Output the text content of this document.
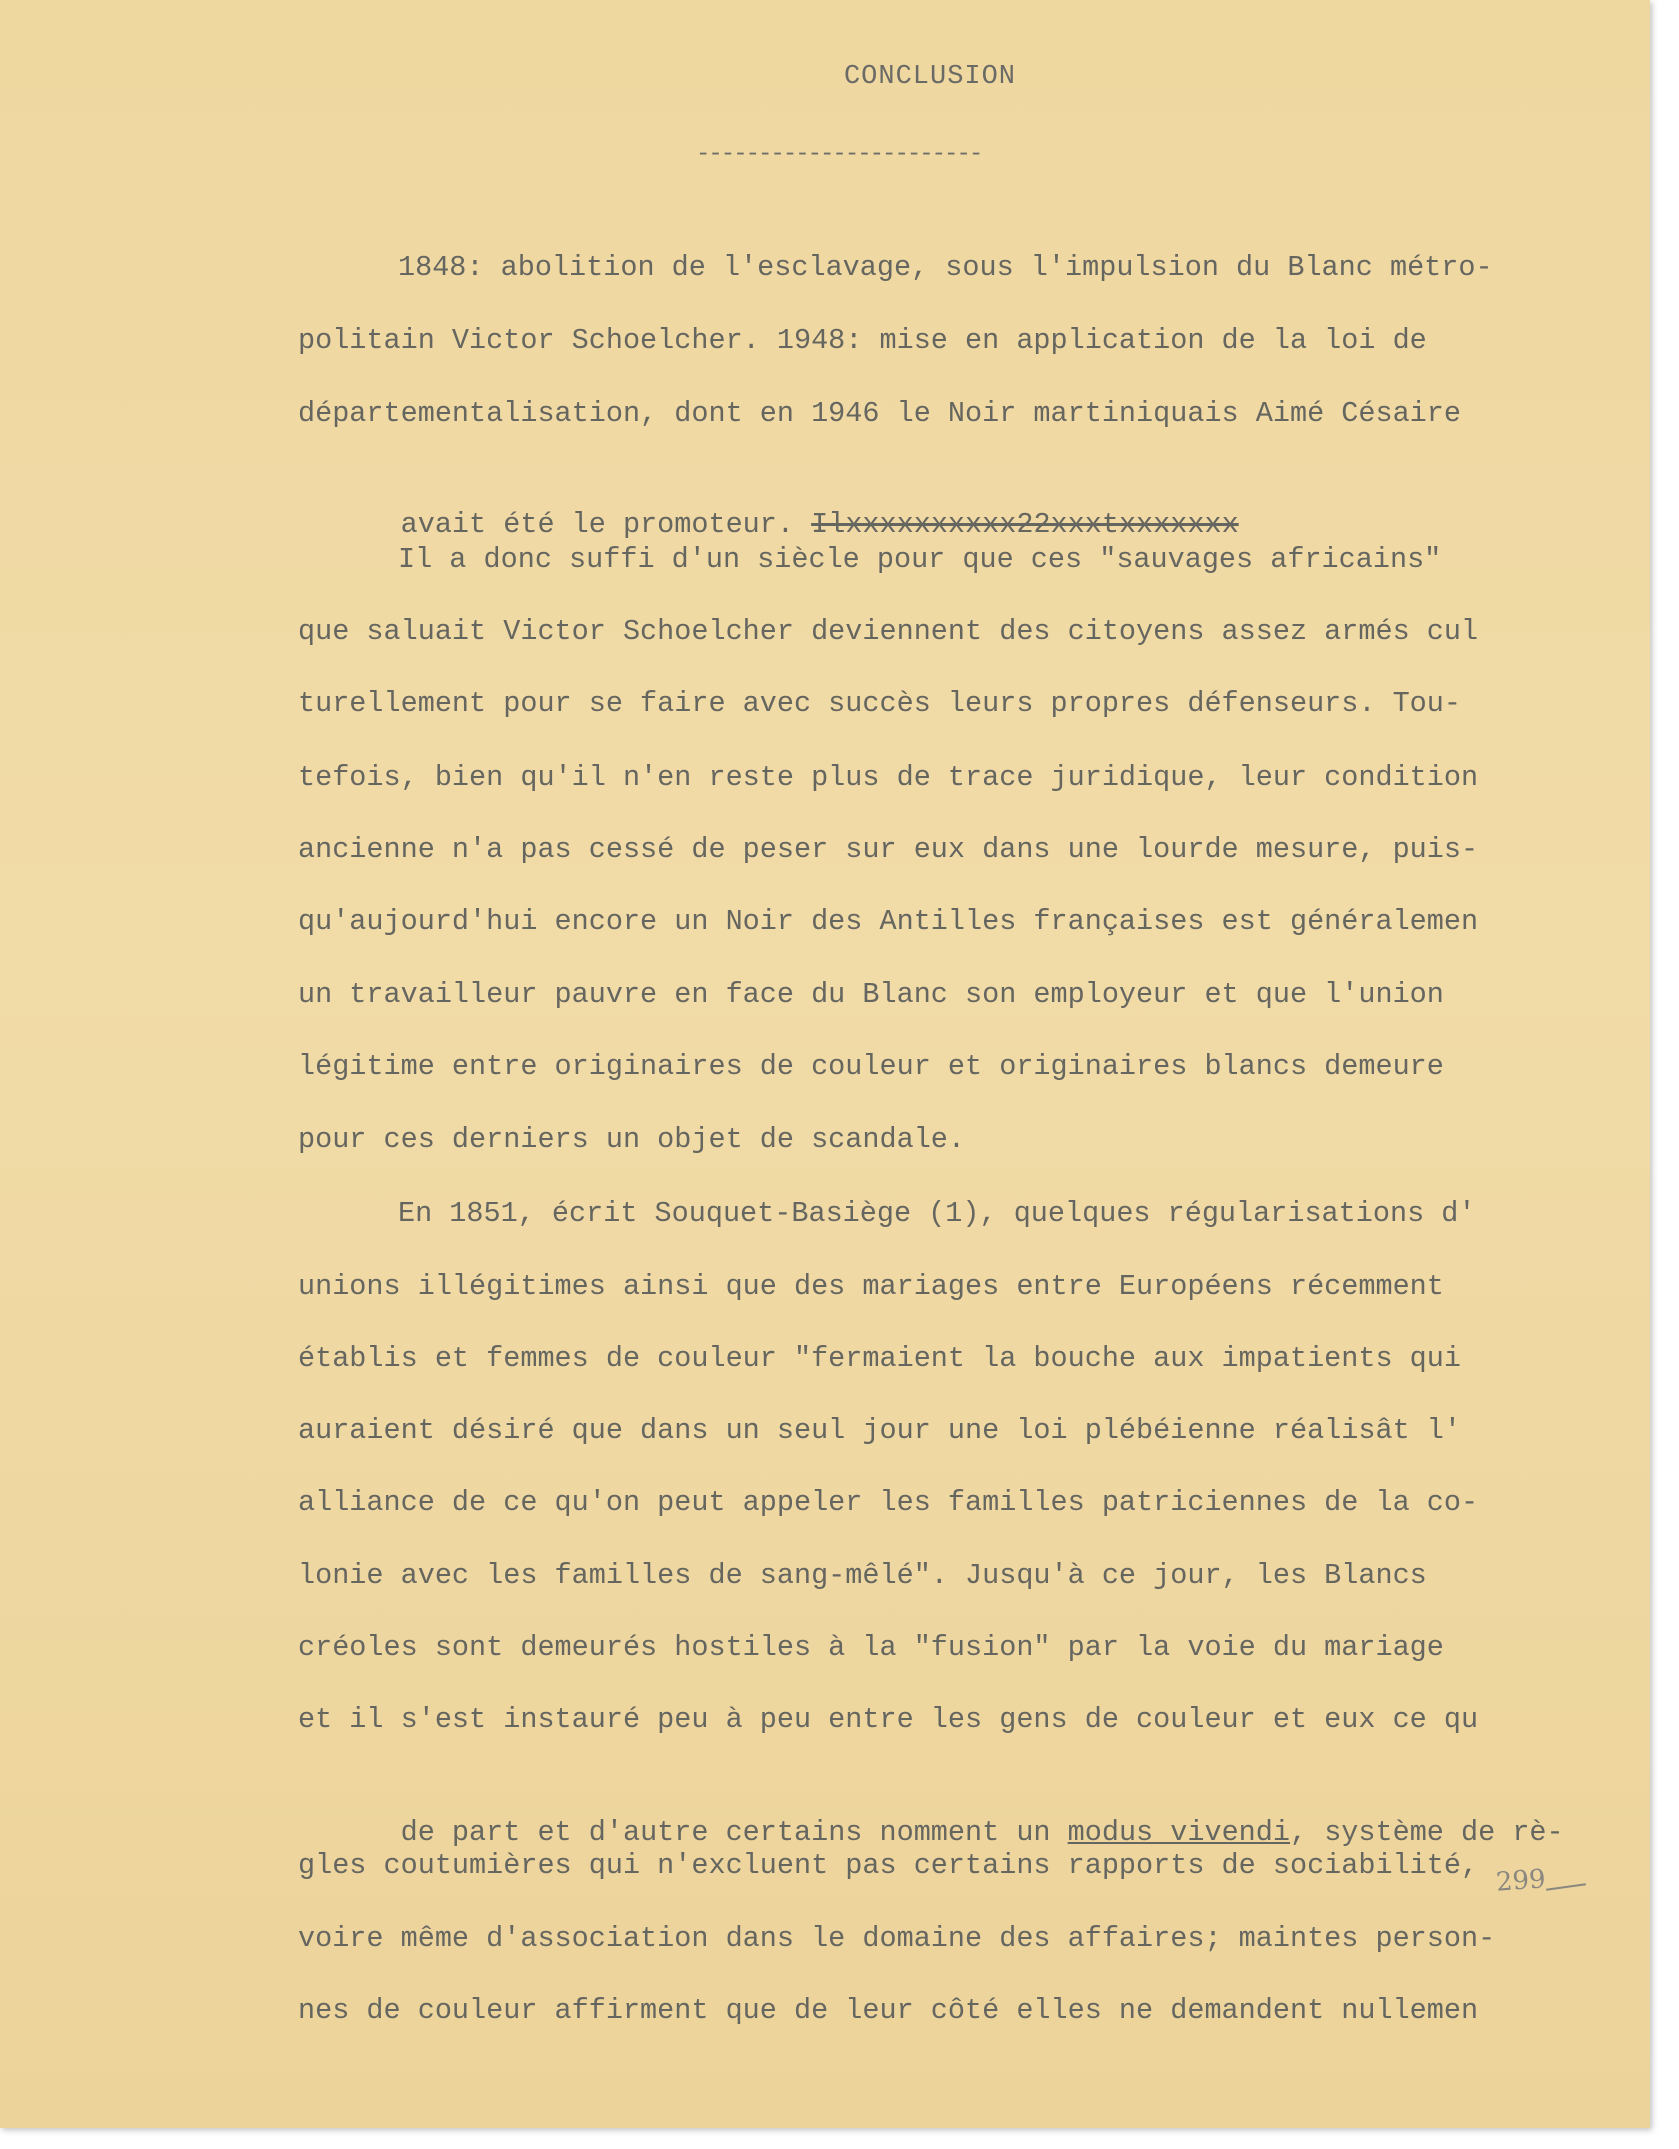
CONCLUSION
-----------------------
1848: abolition de l'esclavage, sous l'impulsion du Blanc métro-
politain Victor Schoelcher. 1948: mise en application de la loi de
départementalisation, dont en 1946 le Noir martiniquais Aimé Césaire

avait été le promoteur. Ilxxxxxxxxxx22xxxtxxxxxxx

Il a donc suffi d'un siècle pour que ces "sauvages africains"
que saluait Victor Schoelcher deviennent des citoyens assez armés cul
turellement pour se faire avec succès leurs propres défenseurs. Tou-
tefois, bien qu'il n'en reste plus de trace juridique, leur condition
ancienne n'a pas cessé de peser sur eux dans une lourde mesure, puis-
qu'aujourd'hui encore un Noir des Antilles françaises est généralemen
un travailleur pauvre en face du Blanc son employeur et que l'union
légitime entre originaires de couleur et originaires blancs demeure
pour ces derniers un objet de scandale.
En 1851, écrit Souquet-Basiège (1), quelques régularisations d'
unions illégitimes ainsi que des mariages entre Européens récemment
établis et femmes de couleur "fermaient la bouche aux impatients qui
auraient désiré que dans un seul jour une loi plébéienne réalisât l'
alliance de ce qu'on peut appeler les familles patriciennes de la co-
lonie avec les familles de sang-mêlé". Jusqu'à ce jour, les Blancs
créoles sont demeurés hostiles à la "fusion" par la voie du mariage
et il s'est instauré peu à peu entre les gens de couleur et eux ce qu

de part et d'autre certains nomment un modus vivendi, système de rè-

gles coutumières qui n'excluent pas certains rapports de sociabilité,
voire même d'association dans le domaine des affaires; maintes person-
nes de couleur affirment que de leur côté elles ne demandent nullemen
299
